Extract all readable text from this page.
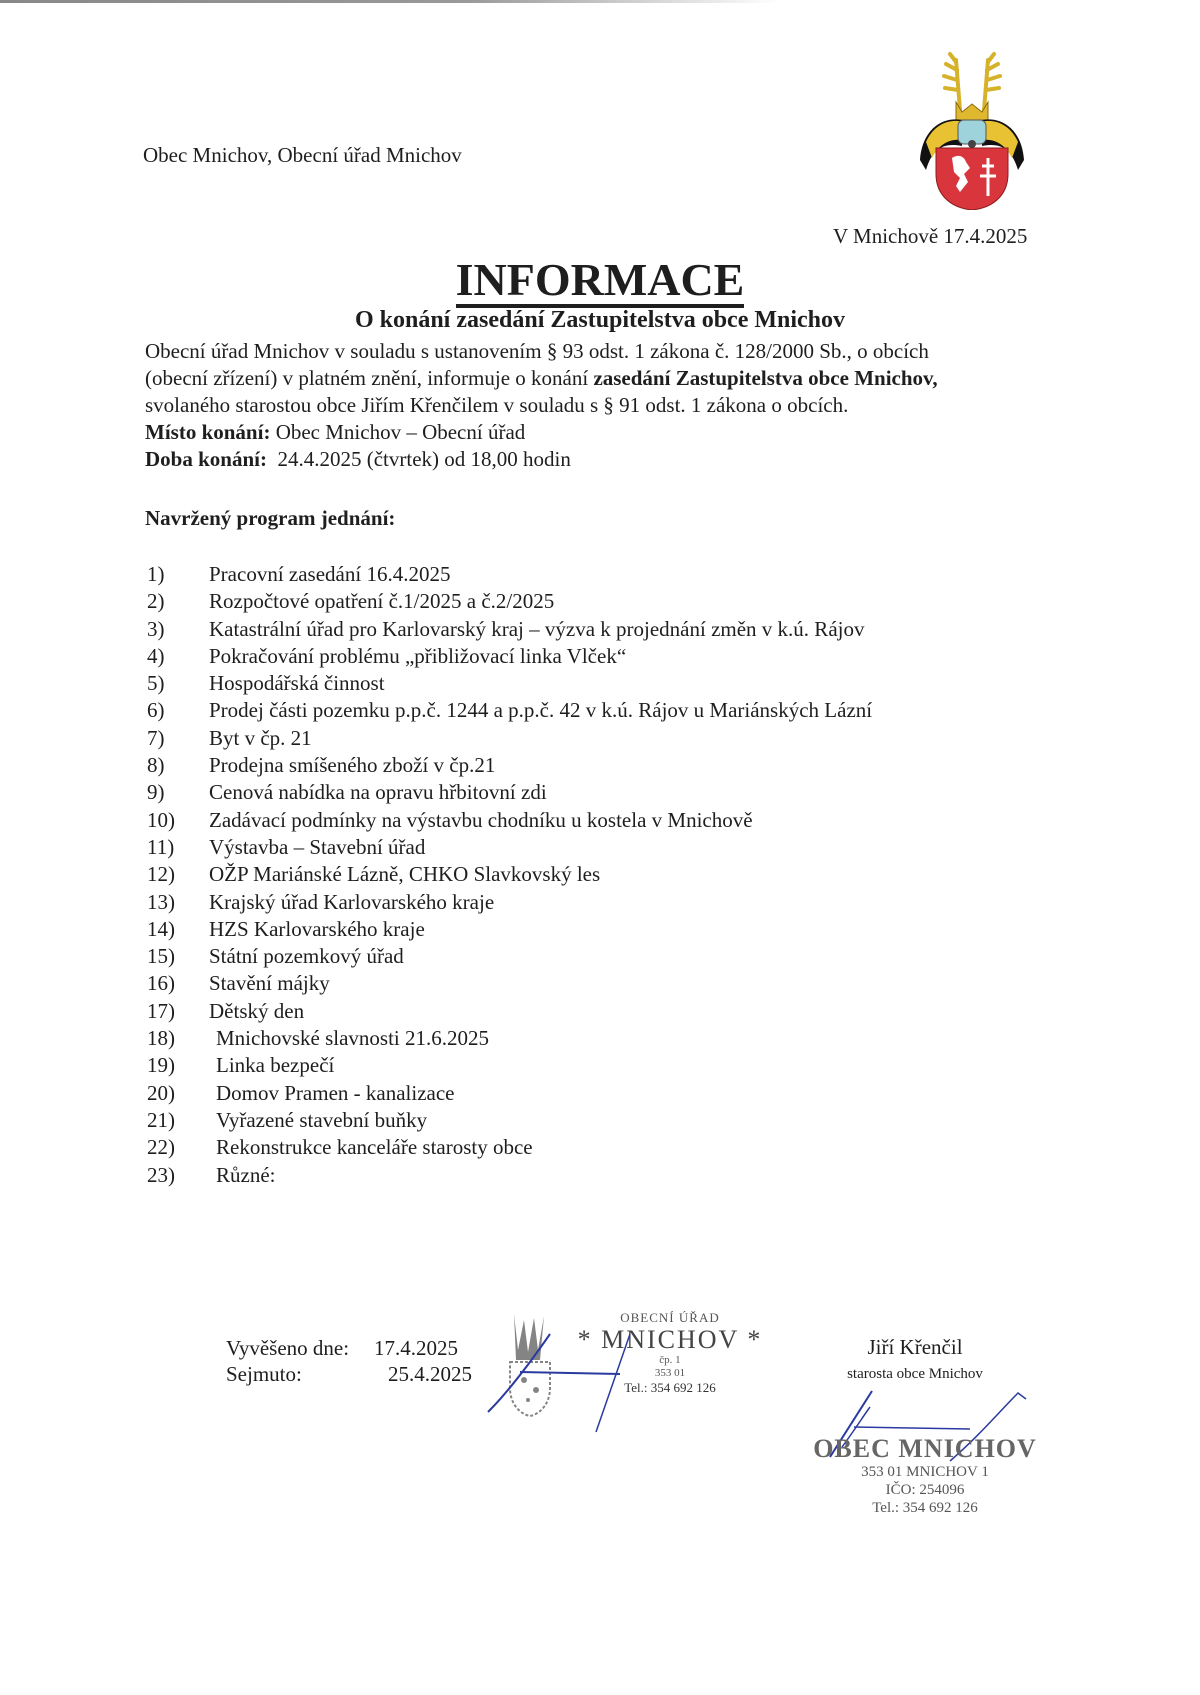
Obec Mnichov, Obecní úřad Mnichov
V Mnichově 17.4.2025
INFORMACE
O konání zasedání Zastupitelstva obce Mnichov

Obecní úřad Mnichov v souladu s ustanovením § 93 odst. 1 zákona č. 128/2000 Sb., o obcích

(obecní zřízení) v platném znění, informuje o konání zasedání Zastupitelstva obce Mnichov,

svolaného starostou obce Jiřím Křenčilem v souladu s § 91 odst. 1 zákona o obcích.

Místo konání: Obec Mnichov – Obecní úřad

Doba konání:  24.4.2025 (čtvrtek) od 18,00 hodin

Navržený program jednání:
1)	Pracovní zasedání 16.4.2025
2)	Rozpočtové opatření č.1/2025 a č.2/2025
3)	Katastrální úřad pro Karlovarský kraj – výzva k projednání změn v k.ú. Rájov
4)	Pokračování problému „přibližovací linka Vlček“
5)	Hospodářská činnost
6)	Prodej části pozemku p.p.č. 1244 a p.p.č. 42 v k.ú. Rájov u Mariánských Lázní
7)	Byt v čp. 21
8)	Prodejna smíšeného zboží v čp.21
9)	Cenová nabídka na opravu hřbitovní zdi
10)	Zadávací podmínky na výstavbu chodníku u kostela v Mnichově
11)	Výstavba – Stavební úřad
12)	OŽP Mariánské Lázně, CHKO Slavkovský les
13)	Krajský úřad Karlovarského kraje
14)	HZS Karlovarského kraje
15)	Státní pozemkový úřad
16)	Stavění májky
17)	Dětský den
18)	Mnichovské slavnosti 21.6.2025
19)	Linka bezpečí
20)	Domov Pramen - kanalizace
21)	Vyřazené stavební buňky
22)	Rekonstrukce kanceláře starosty obce
23)	Různé:
Vyvěšeno dne:	17.4.2025
Sejmuto:	25.4.2025
OBECNÍ ÚŘAD
* MNICHOV *
čp. 1
353 01
Tel.: 354 692 126
Jiří Křenčil
starosta obce Mnichov
OBEC MNICHOV
353 01 MNICHOV 1
IČO: 254096
Tel.: 354 692 126
